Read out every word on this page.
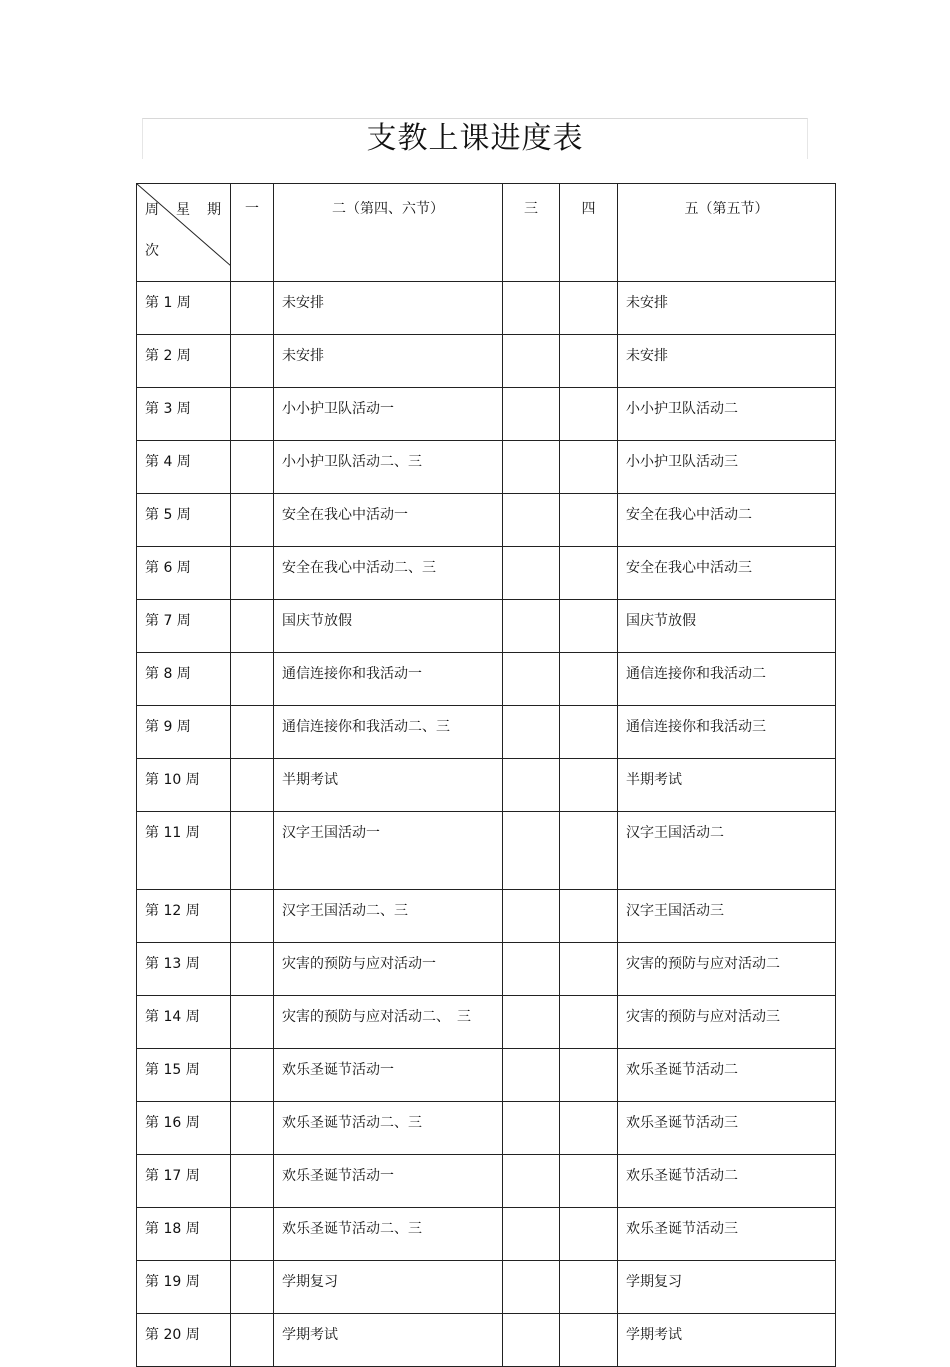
支教上课进度表
周 星 期
次	一	二（第四、六节）	三	四	五（第五节）
第 1 周		未安排			未安排
第 2 周		未安排			未安排
第 3 周		小小护卫队活动一			小小护卫队活动二
第 4 周		小小护卫队活动二、三			小小护卫队活动三
第 5 周		安全在我心中活动一			安全在我心中活动二
第 6 周		安全在我心中活动二、三			安全在我心中活动三
第 7 周		国庆节放假			国庆节放假
第 8 周		通信连接你和我活动一			通信连接你和我活动二
第 9 周		通信连接你和我活动二、三			通信连接你和我活动三
第 10 周		半期考试			半期考试
第 11 周		汉字王国活动一			汉字王国活动二
第 12 周		汉字王国活动二、三			汉字王国活动三
第 13 周		灾害的预防与应对活动一			灾害的预防与应对活动二
第 14 周		灾害的预防与应对活动二、　三			灾害的预防与应对活动三
第 15 周		欢乐圣诞节活动一			欢乐圣诞节活动二
第 16 周		欢乐圣诞节活动二、三			欢乐圣诞节活动三
第 17 周		欢乐圣诞节活动一			欢乐圣诞节活动二
第 18 周		欢乐圣诞节活动二、三			欢乐圣诞节活动三
第 19 周		学期复习			学期复习
第 20 周		学期考试			学期考试
